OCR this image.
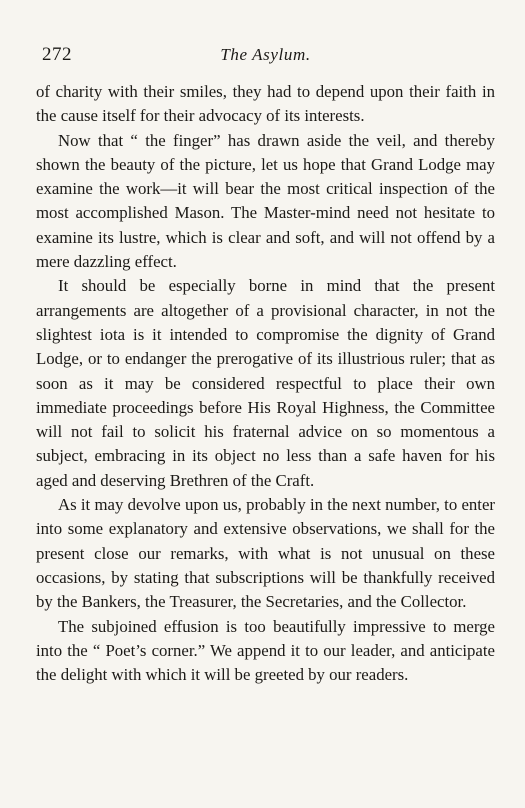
272	The Asylum.

of charity with their smiles, they had to depend upon their faith in the cause itself for their advocacy of its interests.

Now that “ the finger” has drawn aside the veil, and thereby shown the beauty of the picture, let us hope that Grand Lodge may examine the work—it will bear the most critical inspection of the most accomplished Mason. The Master-mind need not hesitate to examine its lustre, which is clear and soft, and will not offend by a mere dazzling effect.

It should be especially borne in mind that the present arrangements are altogether of a provisional character, in not the slightest iota is it intended to compromise the dignity of Grand Lodge, or to endanger the prerogative of its illustrious ruler; that as soon as it may be considered respectful to place their own immediate proceedings before His Royal Highness, the Committee will not fail to solicit his fraternal advice on so momentous a subject, embracing in its object no less than a safe haven for his aged and deserving Brethren of the Craft.

As it may devolve upon us, probably in the next number, to enter into some explanatory and extensive observations, we shall for the present close our remarks, with what is not unusual on these occasions, by stating that subscriptions will be thankfully received by the Bankers, the Treasurer, the Secretaries, and the Collector.

The subjoined effusion is too beautifully impressive to merge into the “ Poet’s corner.” We append it to our leader, and anticipate the delight with which it will be greeted by our readers.
